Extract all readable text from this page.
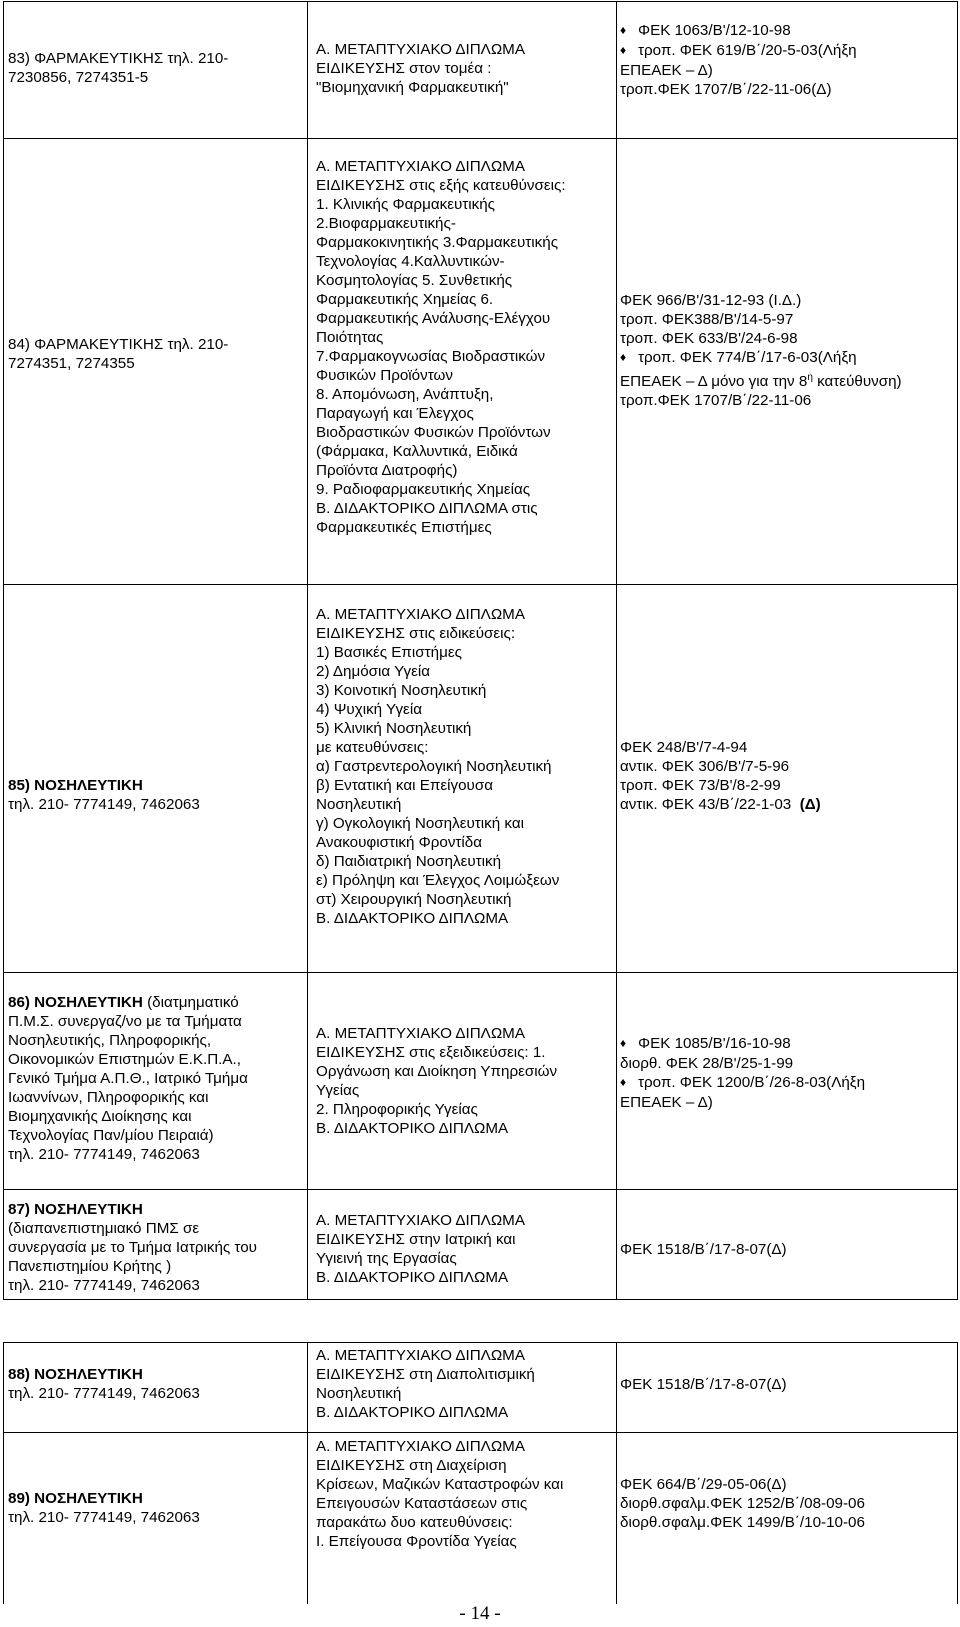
83) ΦΑΡΜΑΚΕΥΤΙΚΗΣ τηλ. 210-
7230856, 7274351-5
Α. ΜΕΤΑΠΤΥΧΙΑΚΟ ΔΙΠΛΩΜΑ
ΕΙΔΙΚΕΥΣΗΣ στον τομέα :
"Βιομηχανική Φαρμακευτική"
♦ ΦΕΚ 1063/Β'/12-10-98
♦ τροπ. ΦΕΚ 619/Β΄/20-5-03(Λήξη
ΕΠΕΑΕΚ – Δ)
τροπ.ΦΕΚ 1707/Β΄/22-11-06(Δ)
84) ΦΑΡΜΑΚΕΥΤΙΚΗΣ τηλ. 210-
7274351, 7274355
Α. ΜΕΤΑΠΤΥΧΙΑΚΟ ΔΙΠΛΩΜΑ
ΕΙΔΙΚΕΥΣΗΣ στις εξής κατευθύνσεις:
1. Κλινικής Φαρμακευτικής
2.Βιοφαρμακευτικής-
Φαρμακοκινητικής 3.Φαρμακευτικής
Τεχνολογίας 4.Καλλυντικών-
Κοσμητολογίας 5. Συνθετικής
Φαρμακευτικής Χημείας 6.
Φαρμακευτικής Ανάλυσης-Ελέγχου
Ποιότητας
7.Φαρμακογνωσίας Βιοδραστικών
Φυσικών Προϊόντων
8. Απομόνωση, Ανάπτυξη,
Παραγωγή και Έλεγχος
Βιοδραστικών Φυσικών Προϊόντων
(Φάρμακα, Καλλυντικά, Ειδικά
Προϊόντα Διατροφής)
9. Ραδιοφαρμακευτικής Χημείας
Β. ΔΙΔΑΚΤΟΡΙΚΟ ΔΙΠΛΩΜΑ στις
Φαρμακευτικές Επιστήμες
ΦΕΚ 966/Β'/31-12-93 (Ι.Δ.)
τροπ. ΦΕΚ388/Β'/14-5-97
τροπ. ΦΕΚ 633/Β'/24-6-98
♦ τροπ. ΦΕΚ 774/Β΄/17-6-03(Λήξη
ΕΠΕΑΕΚ – Δ μόνο για την $8^\eta$ κατεύθυνση)
τροπ.ΦΕΚ 1707/Β΄/22-11-06
85) ΝΟΣΗΛΕΥΤΙΚΗ
τηλ. 210- 7774149, 7462063
Α. ΜΕΤΑΠΤΥΧΙΑΚΟ ΔΙΠΛΩΜΑ
ΕΙΔΙΚΕΥΣΗΣ στις ειδικεύσεις:
1) Βασικές Επιστήμες
2) Δημόσια Υγεία
3) Κοινοτική Νοσηλευτική
4) Ψυχική Υγεία
5) Κλινική Νοσηλευτική
με κατευθύνσεις:
α) Γαστρεντερολογική Νοσηλευτική
β) Εντατική και Επείγουσα
Νοσηλευτική
γ) Ογκολογική Νοσηλευτική και
Ανακουφιστική Φροντίδα
δ) Παιδιατρική Νοσηλευτική
ε) Πρόληψη και Έλεγχος Λοιμώξεων
στ) Χειρουργική Νοσηλευτική
Β. ΔΙΔΑΚΤΟΡΙΚΟ ΔΙΠΛΩΜΑ
ΦΕΚ 248/Β'/7-4-94
αντικ. ΦΕΚ 306/Β'/7-5-96
τροπ. ΦΕΚ 73/Β'/8-2-99
αντικ. ΦΕΚ 43/Β΄/22-1-03  (Δ)
86) ΝΟΣΗΛΕΥΤΙΚΗ (διατμηματικό
Π.Μ.Σ. συνεργαζ/νο με τα Τμήματα
Νοσηλευτικής, Πληροφορικής,
Οικονομικών Επιστημών Ε.Κ.Π.Α.,
Γενικό Τμήμα Α.Π.Θ., Ιατρικό Τμήμα
Ιωαννίνων, Πληροφορικής και
Βιομηχανικής Διοίκησης και
Τεχνολογίας Παν/μίου Πειραιά)
τηλ. 210- 7774149, 7462063
Α. ΜΕΤΑΠΤΥΧΙΑΚΟ ΔΙΠΛΩΜΑ
ΕΙΔΙΚΕΥΣΗΣ στις εξειδικεύσεις: 1.
Οργάνωση και Διοίκηση Υπηρεσιών
Υγείας
2. Πληροφορικής Υγείας
Β. ΔΙΔΑΚΤΟΡΙΚΟ ΔΙΠΛΩΜΑ
♦ ΦΕΚ 1085/Β'/16-10-98
διορθ. ΦΕΚ 28/Β'/25-1-99
♦ τροπ. ΦΕΚ 1200/Β΄/26-8-03(Λήξη
ΕΠΕΑΕΚ – Δ)
87) ΝΟΣΗΛΕΥΤΙΚΗ
(διαπανεπιστημιακό ΠΜΣ σε
συνεργασία με το Τμήμα Ιατρικής του
Πανεπιστημίου Κρήτης )
τηλ. 210- 7774149, 7462063
Α. ΜΕΤΑΠΤΥΧΙΑΚΟ ΔΙΠΛΩΜΑ
ΕΙΔΙΚΕΥΣΗΣ στην Ιατρική και
Υγιεινή της Εργασίας
Β. ΔΙΔΑΚΤΟΡΙΚΟ ΔΙΠΛΩΜΑ
ΦΕΚ 1518/Β΄/17-8-07(Δ)
88) ΝΟΣΗΛΕΥΤΙΚΗ
τηλ. 210- 7774149, 7462063
Α. ΜΕΤΑΠΤΥΧΙΑΚΟ ΔΙΠΛΩΜΑ
ΕΙΔΙΚΕΥΣΗΣ στη Διαπολιτισμική
Νοσηλευτική
Β. ΔΙΔΑΚΤΟΡΙΚΟ ΔΙΠΛΩΜΑ
ΦΕΚ 1518/Β΄/17-8-07(Δ)
89) ΝΟΣΗΛΕΥΤΙΚΗ
τηλ. 210- 7774149, 7462063
Α. ΜΕΤΑΠΤΥΧΙΑΚΟ ΔΙΠΛΩΜΑ
ΕΙΔΙΚΕΥΣΗΣ στη Διαχείριση
Κρίσεων, Μαζικών Καταστροφών και
Επειγουσών Καταστάσεων στις
παρακάτω δυο κατευθύνσεις:
Ι. Επείγουσα Φροντίδα Υγείας
ΦΕΚ 664/Β΄/29-05-06(Δ)
διορθ.σφαλμ.ΦΕΚ 1252/Β΄/08-09-06
διορθ.σφαλμ.ΦΕΚ 1499/Β΄/10-10-06
- 14 -
